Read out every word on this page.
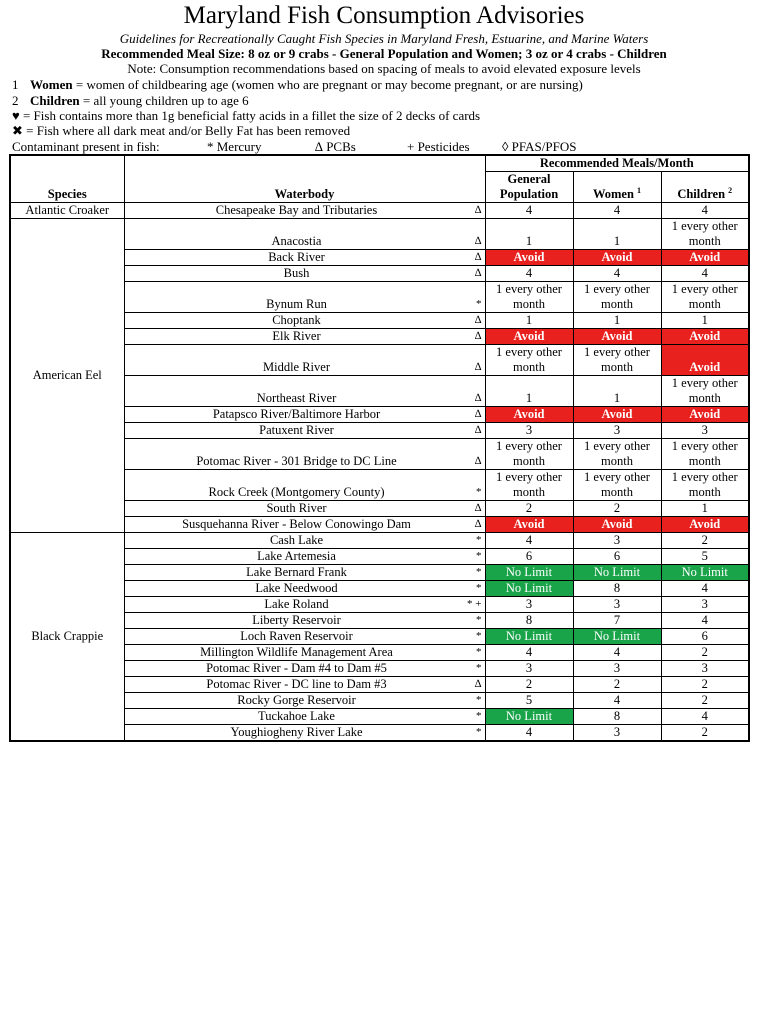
Maryland Fish Consumption Advisories
Guidelines for Recreationally Caught Fish Species in Maryland Fresh, Estuarine, and Marine Waters
Recommended Meal Size: 8 oz or 9 crabs - General Population and Women; 3 oz or 4 crabs - Children
Note: Consumption recommendations based on spacing of meals to avoid elevated exposure levels
1 Women = women of childbearing age (women who are pregnant or may become pregnant, or are nursing)
2 Children = all young children up to age 6
♥ = Fish contains more than 1g beneficial fatty acids in a fillet the size of 2 decks of cards
✖ = Fish where all dark meat and/or Belly Fat has been removed
Contaminant present in fish:	* Mercury	∆ PCBs	+ Pesticides ◊ PFAS/PFOS
Species	Waterbody	Recommended Meals/Month		
		General Population	Women $^1$	Children $^2$
Atlantic Croaker	Chesapeake Bay and Tributaries ∆	4	4	4
American Eel	Anacostia ∆	1	1	1 every other month
	Back River ∆	Avoid	Avoid	Avoid
	Bush ∆	4	4	4
	Bynum Run *	1 every other month	1 every other month	1 every other month
	Choptank ∆	1	1	1
	Elk River ∆	Avoid	Avoid	Avoid
	Middle River ∆	1 every other month	1 every other month	Avoid
	Northeast River ∆	1	1	1 every other month
	Patapsco River/Baltimore Harbor ∆	Avoid	Avoid	Avoid
	Patuxent River ∆	3	3	3
	Potomac River - 301 Bridge to DC Line ∆	1 every other month	1 every other month	1 every other month
	Rock Creek (Montgomery County) *	1 every other month	1 every other month	1 every other month
	South River ∆	2	2	1
	Susquehanna River - Below Conowingo Dam ∆	Avoid	Avoid	Avoid
Black Crappie	Cash Lake *	4	3	2
	Lake Artemesia *	6	6	5
	Lake Bernard Frank *	No Limit	No Limit	No Limit
	Lake Needwood *	No Limit	8	4
	Lake Roland * +	3	3	3
	Liberty Reservoir *	8	7	4
	Loch Raven Reservoir *	No Limit	No Limit	6
	Millington Wildlife Management Area *	4	4	2
	Potomac River - Dam #4 to Dam #5 *	3	3	3
	Potomac River - DC line to Dam #3 ∆	2	2	2
	Rocky Gorge Reservoir *	5	4	2
	Tuckahoe Lake *	No Limit	8	4
	Youghiogheny River Lake *	4	3	2
